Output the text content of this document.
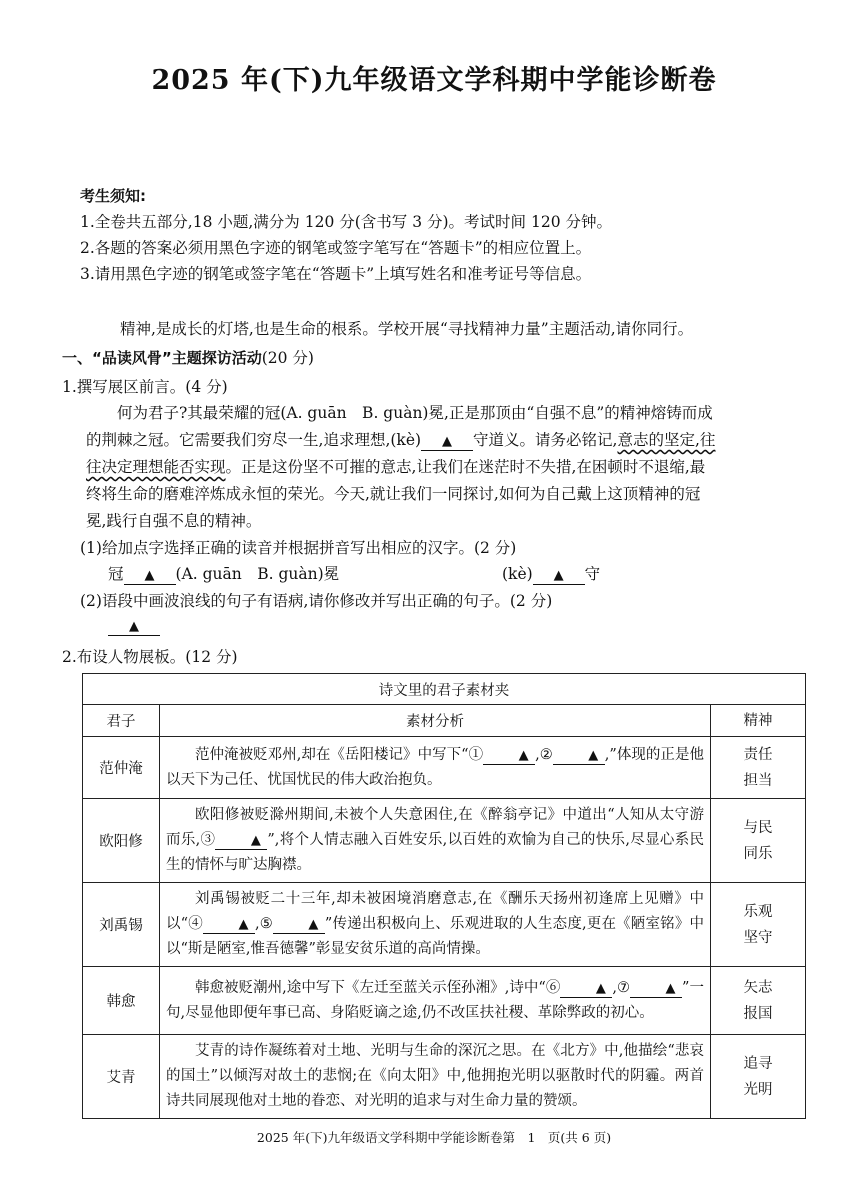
2025 年(下)九年级语文学科期中学能诊断卷
考生须知:
1.全卷共五部分,18 小题,满分为 120 分(含书写 3 分)。考试时间 120 分钟。
2.各题的答案必须用黑色字迹的钢笔或签字笔写在“答题卡”的相应位置上。
3.请用黑色字迹的钢笔或签字笔在“答题卡”上填写姓名和准考证号等信息。
精神,是成长的灯塔,也是生命的根系。学校开展“寻找精神力量”主题活动,请你同行。
一、“品读风骨”主题探访活动(20 分)
1.撰写展区前言。(4 分)

何为君子?其最荣耀的冠(A. guān　B. guàn)冕,正是那顶由“自强不息”的精神熔铸而成

的荆棘之冠。它需要我们穷尽一生,追求理想,(kè) ▲ 守道义。请务必铭记,意志的坚定,往

往决定理想能否实现。正是这份坚不可摧的意志,让我们在迷茫时不失措,在困顿时不退缩,最

终将生命的磨难淬炼成永恒的荣光。今天,就让我们一同探讨,如何为自己戴上这顶精神的冠

冕,践行自强不息的精神。

(1)给加点字选择正确的读音并根据拼音写出相应的汉字。(2 分)
冠 ▲ (A. guān　B. guàn)冕	(kè) ▲ 守
(2)语段中画波浪线的句子有语病,请你修改并写出正确的句子。(2 分)
▲
2.布设人物展板。(12 分)
诗文里的君子素材夹		
君子	素材分析	精神
范仲淹	范仲淹被贬邓州,却在《岳阳楼记》中写下“① ▲ ,② ▲ ,”体现的正是他以天下为己任、忧国忧民的伟大政治抱负。	责任
担当

欧阳修	欧阳修被贬滁州期间,未被个人失意困住,在《醉翁亭记》中道出“人知从太守游而乐,③ ▲ ”,将个人情志融入百姓安乐,以百姓的欢愉为自己的快乐,尽显心系民生的情怀与旷达胸襟。	与民
同乐

刘禹锡	刘禹锡被贬二十三年,却未被困境消磨意志,在《酬乐天扬州初逢席上见赠》中以“④ ▲ ,⑤ ▲ ”传递出积极向上、乐观进取的人生态度,更在《陋室铭》中以“斯是陋室,惟吾德馨”彰显安贫乐道的高尚情操。	乐观
坚守

韩愈	韩愈被贬潮州,途中写下《左迁至蓝关示侄孙湘》,诗中“⑥ ▲ ,⑦ ▲ ”一句,尽显他即便年事已高、身陷贬谪之途,仍不改匡扶社稷、革除弊政的初心。	矢志
报国

艾青	艾青的诗作凝练着对土地、光明与生命的深沉之思。在《北方》中,他描绘“悲哀的国土”以倾泻对故土的悲悯;在《向太阳》中,他拥抱光明以驱散时代的阴霾。两首诗共同展现他对土地的眷恋、对光明的追求与对生命力量的赞颂。	追寻
光明
2025 年(下)九年级语文学科期中学能诊断卷第　1　页(共 6 页)
